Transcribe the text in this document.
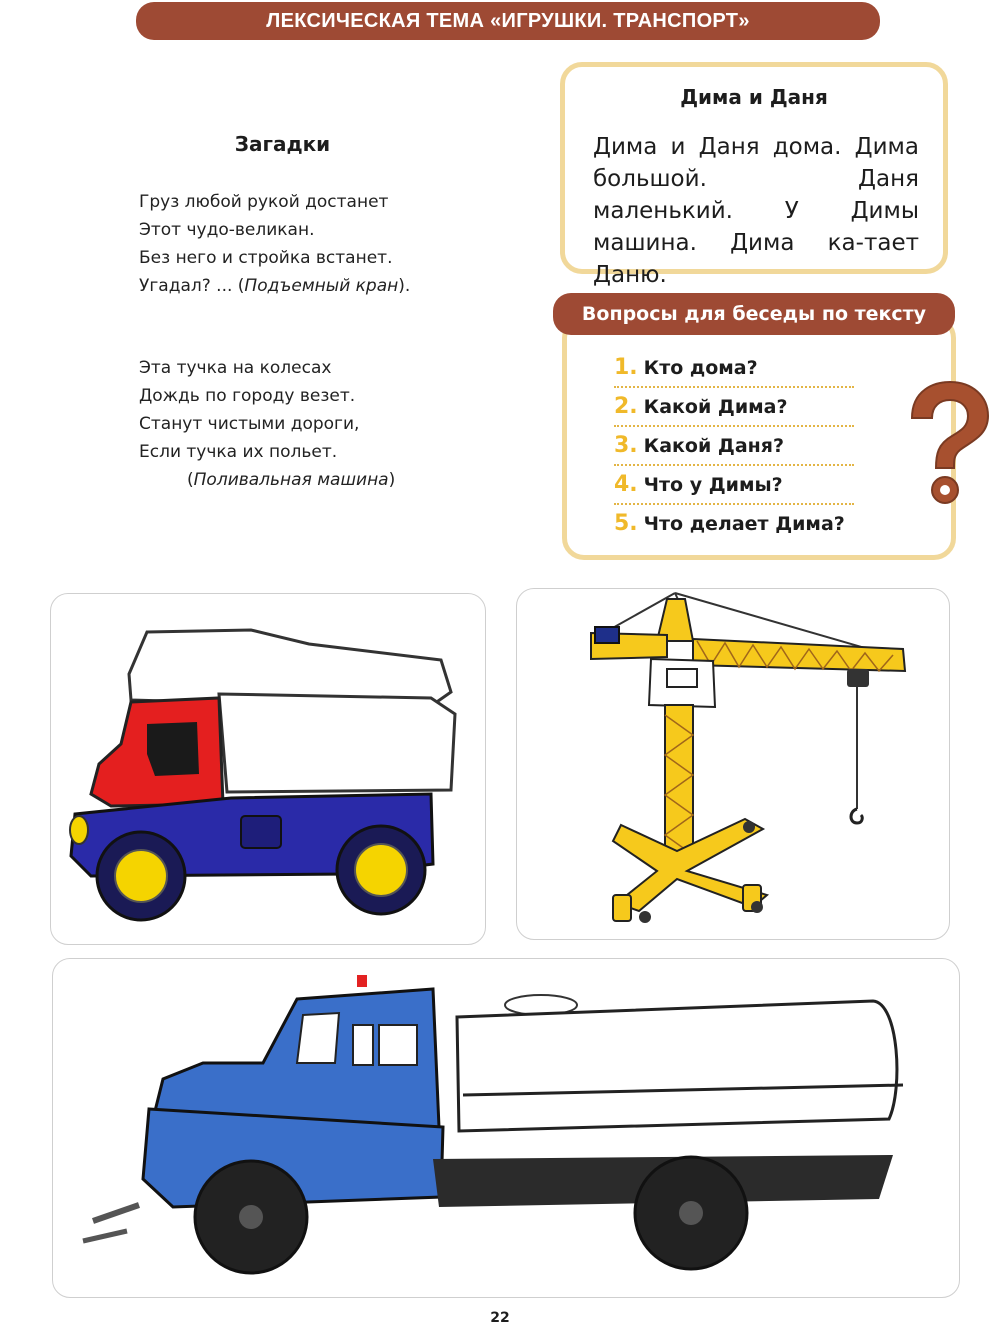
ЛЕКСИЧЕСКАЯ ТЕМА «ИГРУШКИ. ТРАНСПОРТ»
Загадки
Груз любой рукой достанет
Этот чудо-великан.
Без него и стройка встанет.
Угадал? ... (Подъемный кран).
Эта тучка на колесах
Дождь по городу везет.
Станут чистыми дороги,
Если тучка их польет.
(Поливальная машина)
Дима и Даня
Дима и Даня дома. Дима большой. Даня маленький. У Димы машина. Дима ка-тает Даню.
Вопросы для беседы по тексту
1. Кто дома?
2. Какой Дима?
3. Какой Даня?
4. Что у Димы?
5. Что делает Дима?
22
